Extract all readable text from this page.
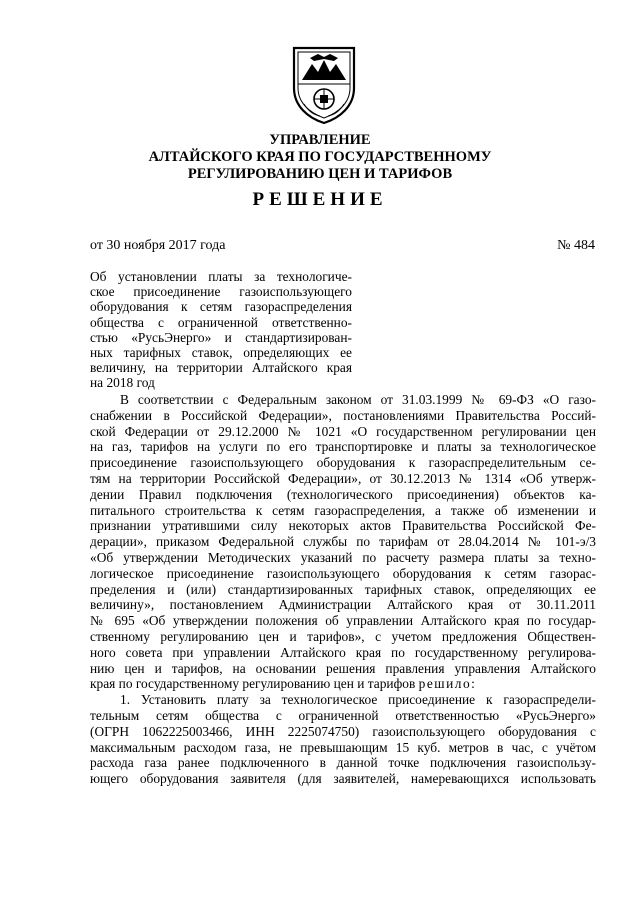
УПРАВЛЕНИЕ
АЛТАЙСКОГО КРАЯ ПО ГОСУДАРСТВЕННОМУ
РЕГУЛИРОВАНИЮ ЦЕН И ТАРИФОВ
РЕШЕНИЕ
от 30 ноября 2017 года	№ 484
Об установлении платы за технологиче-
ское присоединение газоиспользующего
оборудования к сетям газораспределения
общества с ограниченной ответственно-
стью «РусьЭнерго» и стандартизирован-
ных тарифных ставок, определяющих ее
величину, на территории Алтайского края
на 2018 год
В соответствии с Федеральным законом от 31.03.1999 № 69-ФЗ «О газо-
снабжении в Российской Федерации», постановлениями Правительства Россий-
ской Федерации от 29.12.2000 № 1021 «О государственном регулировании цен
на газ, тарифов на услуги по его транспортировке и платы за технологическое
присоединение газоиспользующего оборудования к газораспределительным се-
тям на территории Российской Федерации», от 30.12.2013 № 1314 «Об утверж-
дении Правил подключения (технологического присоединения) объектов ка-
питального строительства к сетям газораспределения, а также об изменении и
признании утратившими силу некоторых актов Правительства Российской Фе-
дерации», приказом Федеральной службы по тарифам от 28.04.2014 № 101-э/3
«Об утверждении Методических указаний по расчету размера платы за техно-
логическое присоединение газоиспользующего оборудования к сетям газорас-
пределения и (или) стандартизированных тарифных ставок, определяющих ее
величину», постановлением Администрации Алтайского края от 30.11.2011
№ 695 «Об утверждении положения об управлении Алтайского края по государ-
ственному регулированию цен и тарифов», с учетом предложения Обществен-
ного совета при управлении Алтайского края по государственному регулирова-
нию цен и тарифов, на основании решения правления управления Алтайского
края по государственному регулированию цен и тарифов решило:
1. Установить плату за технологическое присоединение к газораспредели-
тельным сетям общества с ограниченной ответственностью «РусьЭнерго»
(ОГРН 1062225003466, ИНН 2225074750) газоиспользующего оборудования с
максимальным расходом газа, не превышающим 15 куб. метров в час, с учётом
расхода газа ранее подключенного в данной точке подключения газоиспользу-
ющего оборудования заявителя (для заявителей, намеревающихся использовать
